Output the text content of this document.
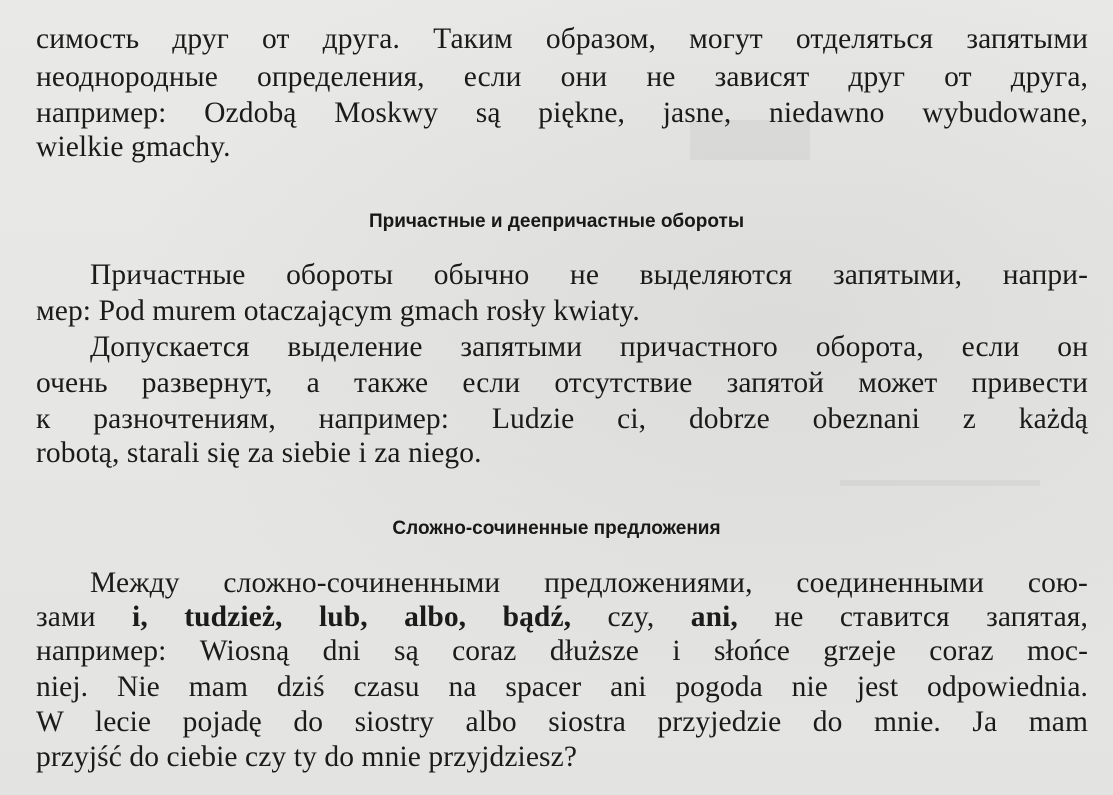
симость друг от друга. Таким образом, могут отделяться запятыми
неоднородные определения, если они не зависят друг от друга,
например: Ozdobą Moskwy są piękne, jasne, niedawno wybudowane,
wielkie gmachy.
Причастные и деепричастные обороты
Причастные обороты обычно не выделяются запятыми, напри-
мер: Pod murem otaczającym gmach rosły kwiaty.
Допускается выделение запятыми причастного оборота, если он
очень развернут, а также если отсутствие запятой может привести
к разночтениям, например: Ludzie ci, dobrze obeznani z każdą
robotą, starali się za siebie i za niego.
Сложно-сочиненные предложения
Между сложно-сочиненными предложениями, соединенными сою-
зами i, tudzież, lub, albo, bądź, czy, ani, не ставится запятая,
например: Wiosną dni są coraz dłuższe i słońce grzeje coraz moc-
niej. Nie mam dziś czasu na spacer ani pogoda nie jest odpowiednia.
W lecie pojadę do siostry albo siostra przyjedzie do mnie. Ja mam
przyjść do ciebie czy ty do mnie przyjdziesz?
